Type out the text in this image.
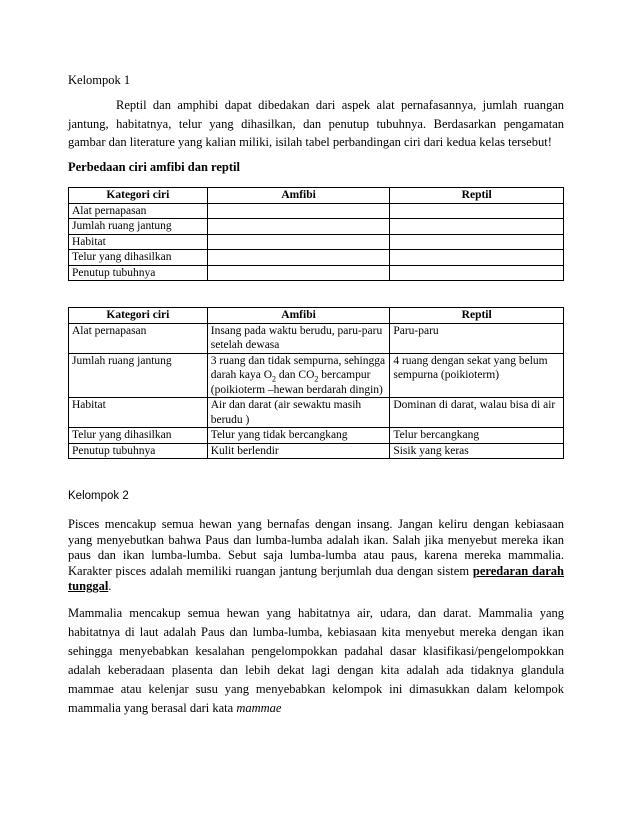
Kelompok 1
Reptil dan amphibi dapat dibedakan dari aspek alat pernafasannya, jumlah ruangan jantung, habitatnya, telur yang dihasilkan, dan penutup tubuhnya. Berdasarkan pengamatan gambar dan literature yang kalian miliki, isilah tabel perbandingan ciri dari kedua kelas tersebut!
Perbedaan ciri amfibi dan reptil
Kategori ciri	Amfibi	Reptil
Alat pernapasan		
Jumlah ruang jantung		
Habitat		
Telur yang dihasilkan		
Penutup tubuhnya		
Kategori ciri	Amfibi	Reptil
Alat pernapasan	Insang pada waktu berudu, paru-paru setelah dewasa	Paru-paru
Jumlah ruang jantung	3 ruang dan tidak sempurna, sehingga darah kaya $O_2$ dan $CO_2$ bercampur (poikioterm –hewan berdarah dingin)	4 ruang dengan sekat yang belum sempurna (poikioterm)
Habitat	Air dan darat (air sewaktu masih berudu )	Dominan di darat, walau bisa di air
Telur yang dihasilkan	Telur yang tidak bercangkang	Telur bercangkang
Penutup tubuhnya	Kulit berlendir	Sisik yang keras
Kelompok 2
Pisces mencakup semua hewan yang bernafas dengan insang. Jangan keliru dengan kebiasaan yang menyebutkan bahwa Paus dan lumba-lumba adalah ikan. Salah jika menyebut mereka ikan paus dan ikan lumba-lumba. Sebut saja lumba-lumba atau paus, karena mereka mammalia. Karakter pisces adalah memiliki ruangan jantung berjumlah dua dengan sistem peredaran darah tunggal.
Mammalia mencakup semua hewan yang habitatnya air, udara, dan darat. Mammalia yang habitatnya di laut adalah Paus dan lumba-lumba, kebiasaan kita menyebut mereka dengan ikan sehingga menyebabkan kesalahan pengelompokkan padahal dasar klasifikasi/pengelompokkan adalah keberadaan plasenta dan lebih dekat lagi dengan kita adalah ada tidaknya glandula mammae atau kelenjar susu yang menyebabkan kelompok ini dimasukkan dalam kelompok mammalia yang berasal dari kata mammae
